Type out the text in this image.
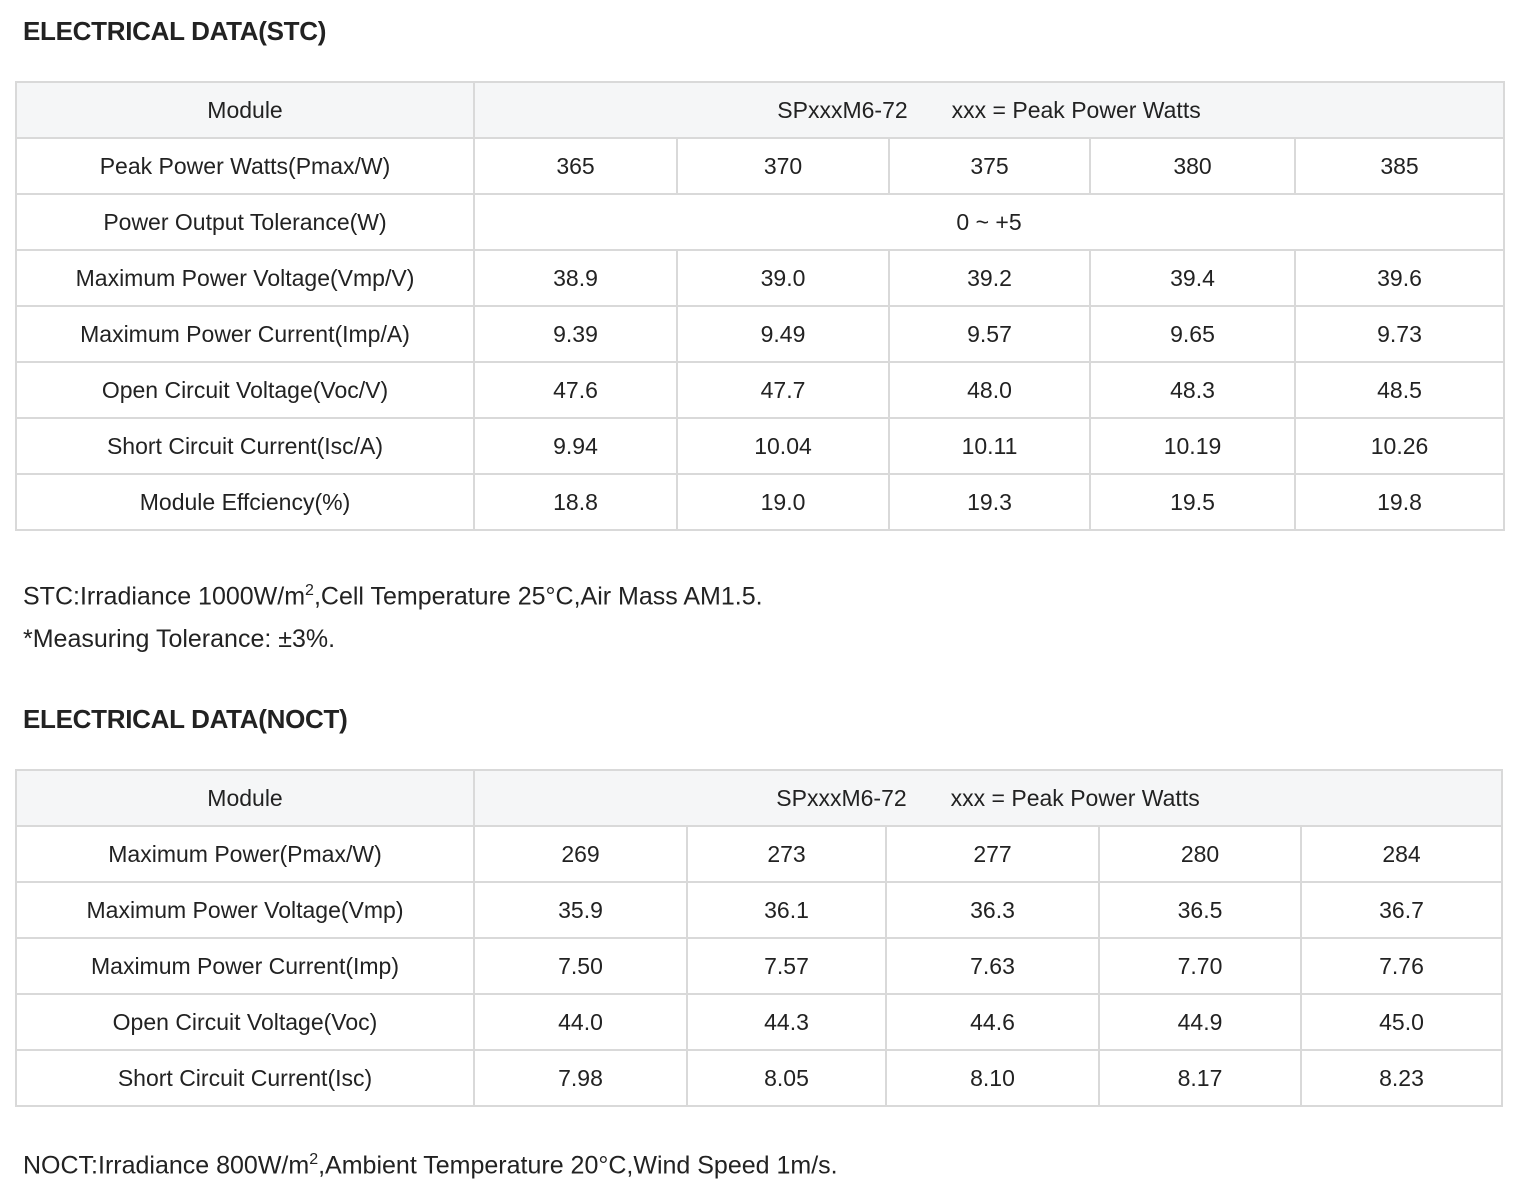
ELECTRICAL DATA(STC)
Module	SPxxxM6-72 xxx = Peak Power Watts				
Peak Power Watts(Pmax/W)	365	370	375	380	385
Power Output Tolerance(W)	0 ~ +5				
Maximum Power Voltage(Vmp/V)	38.9	39.0	39.2	39.4	39.6
Maximum Power Current(Imp/A)	9.39	9.49	9.57	9.65	9.73
Open Circuit Voltage(Voc/V)	47.6	47.7	48.0	48.3	48.5
Short Circuit Current(Isc/A)	9.94	10.04	10.11	10.19	10.26
Module Effciency(%)	18.8	19.0	19.3	19.5	19.8

STC:Irradiance $1000W/m^2,Cell$ Temperature 25°C,Air Mass AM1.5.

*Measuring Tolerance: ±3%.

ELECTRICAL DATA(NOCT)
Module	SPxxxM6-72 xxx = Peak Power Watts				
Maximum Power(Pmax/W)	269	273	277	280	284
Maximum Power Voltage(Vmp)	35.9	36.1	36.3	36.5	36.7
Maximum Power Current(Imp)	7.50	7.57	7.63	7.70	7.76
Open Circuit Voltage(Voc)	44.0	44.3	44.6	44.9	45.0
Short Circuit Current(Isc)	7.98	8.05	8.10	8.17	8.23

NOCT:Irradiance $800W/m^2,Ambient$ Temperature 20°C,Wind Speed 1m/s.
